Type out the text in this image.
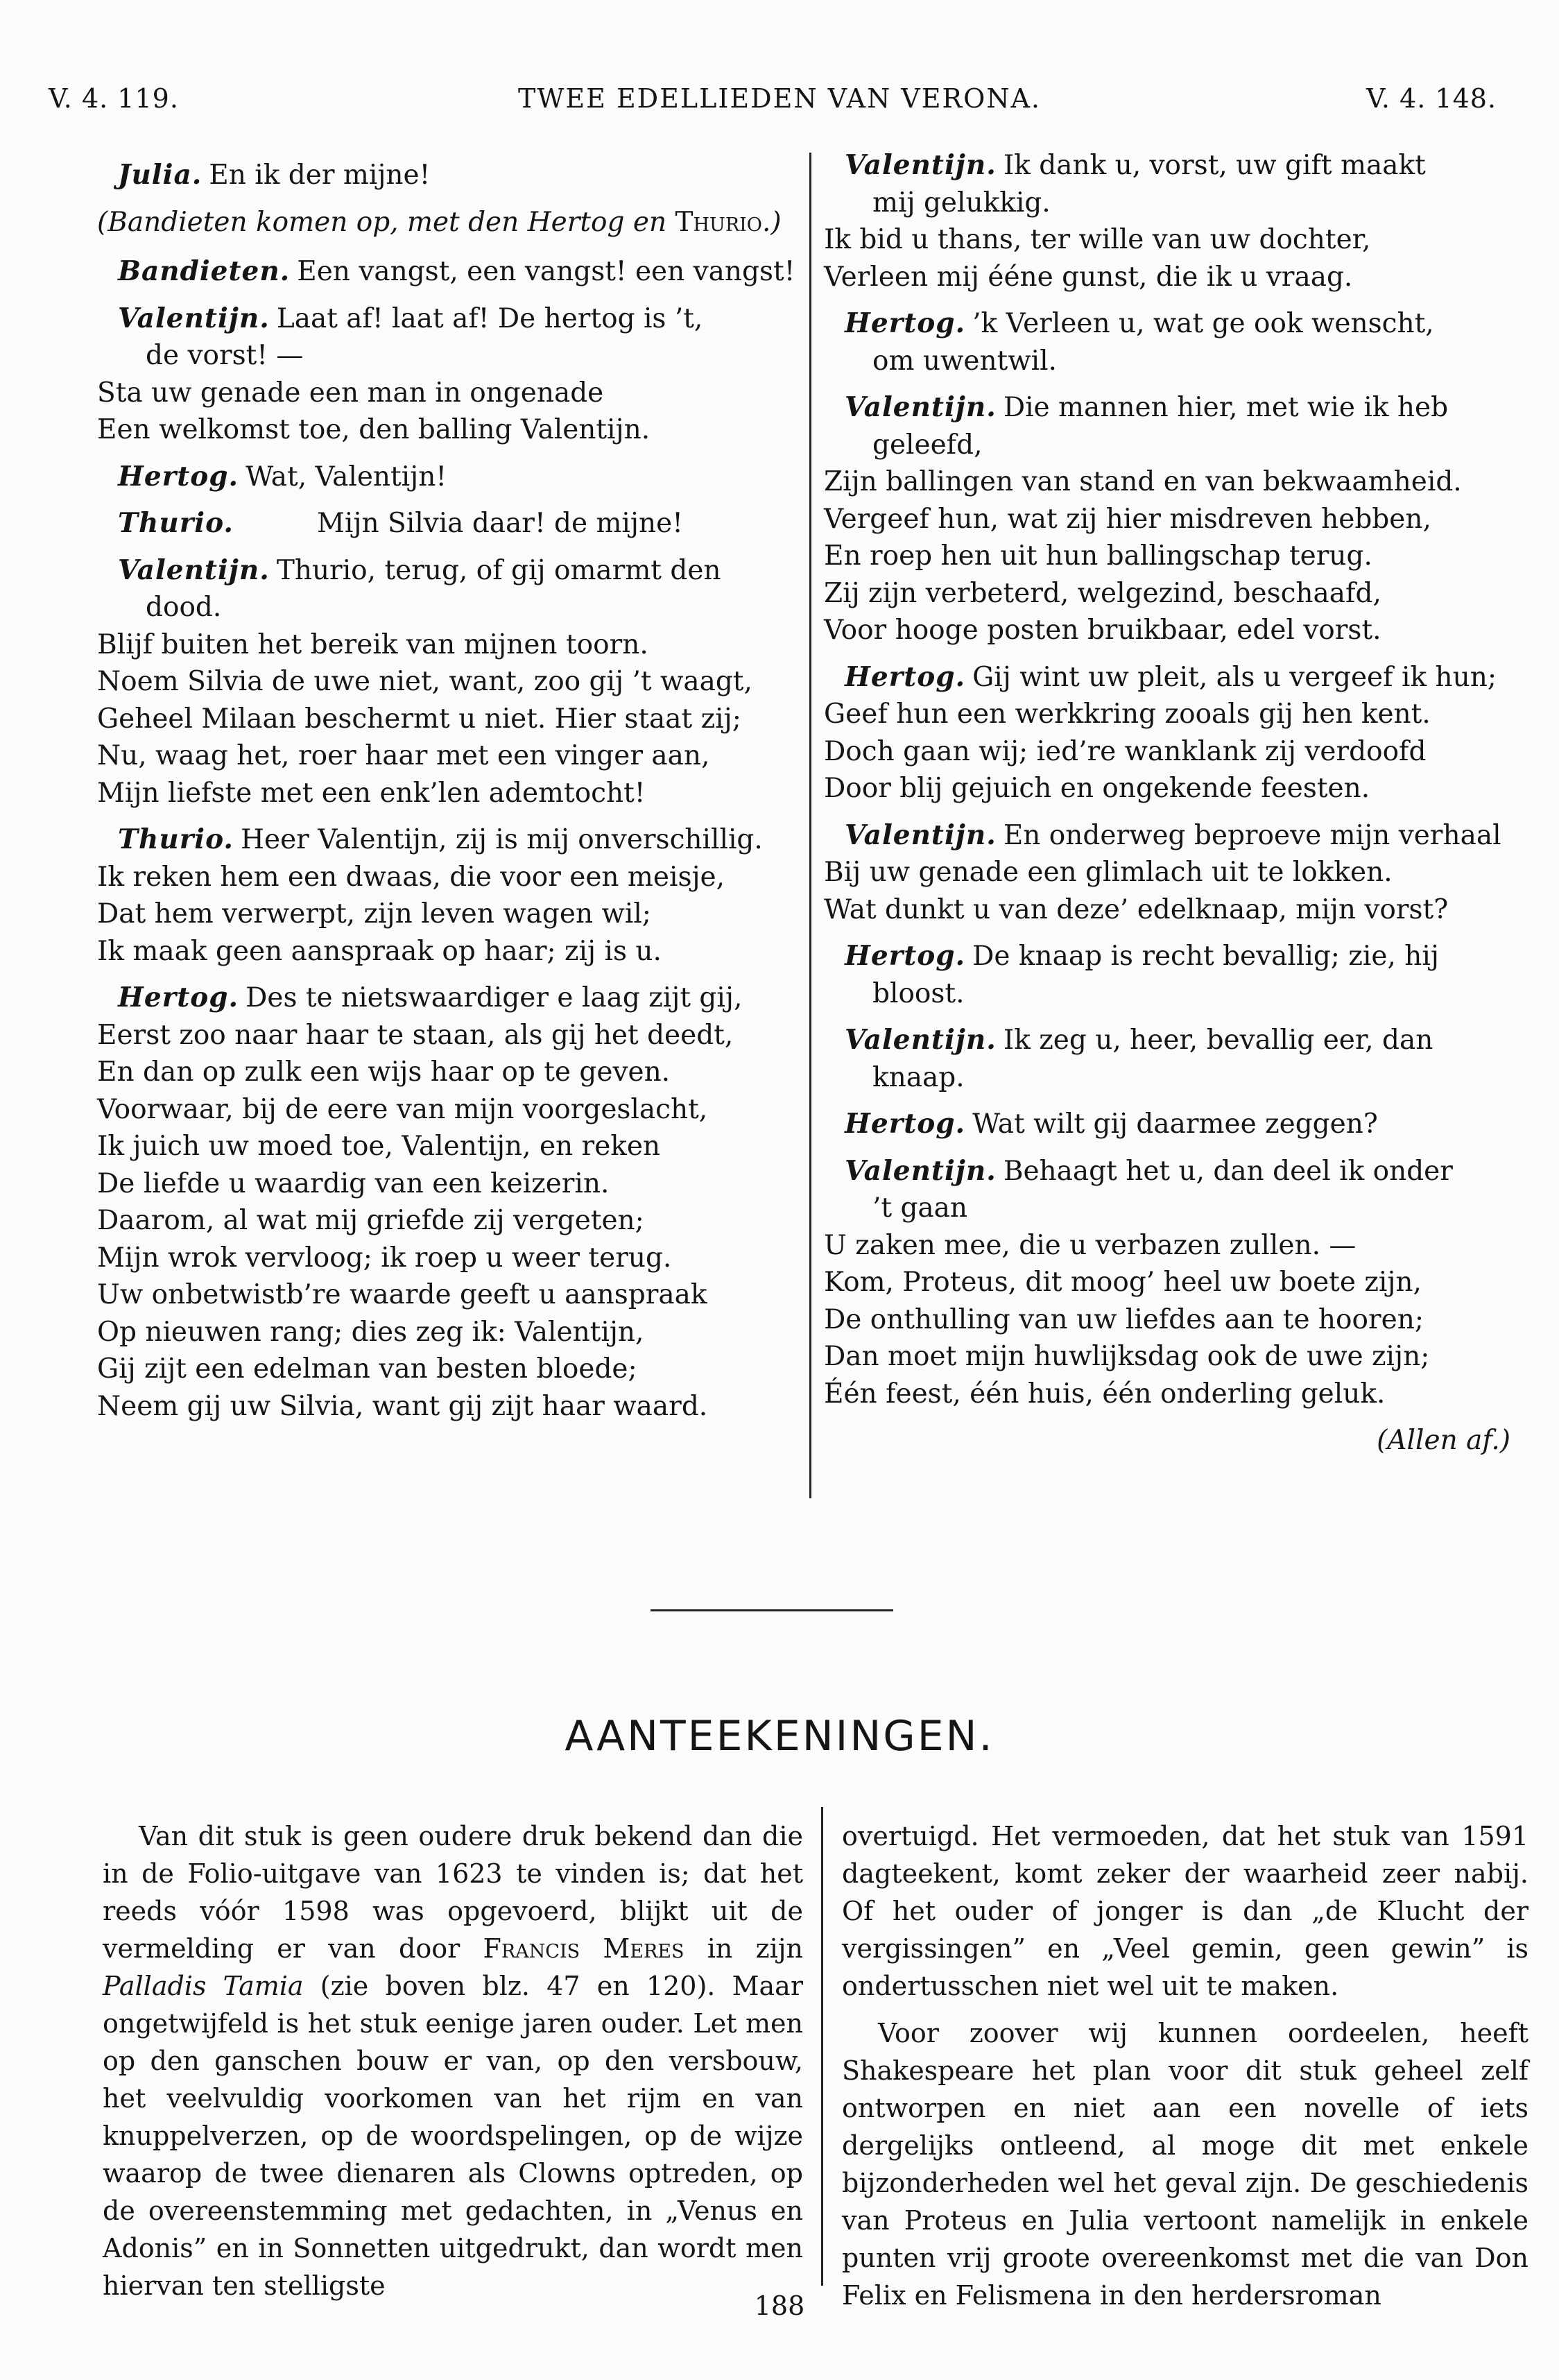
V. 4. 119.	TWEE EDELLIEDEN VAN VERONA.	V. 4. 148.
Julia. En ik der mijne!
(Bandieten komen op, met den Hertog en Thurio.)
Bandieten. Een vangst, een vangst! een vangst!
Valentijn. Laat af! laat af! De hertog is ’t,
de vorst! —
Sta uw genade een man in ongenade
Een welkomst toe, den balling Valentijn.
Hertog. Wat, Valentijn!
Thurio.	Mijn Silvia daar! de mijne!
Valentijn. Thurio, terug, of gij omarmt den
dood.
Blijf buiten het bereik van mijnen toorn.
Noem Silvia de uwe niet, want, zoo gij ’t waagt,
Geheel Milaan beschermt u niet. Hier staat zij;
Nu, waag het, roer haar met een vinger aan,
Mijn liefste met een enk’len ademtocht!
Thurio. Heer Valentijn, zij is mij onverschillig.
Ik reken hem een dwaas, die voor een meisje,
Dat hem verwerpt, zijn leven wagen wil;
Ik maak geen aanspraak op haar; zij is u.
Hertog. Des te nietswaardiger e laag zijt gij,
Eerst zoo naar haar te staan, als gij het deedt,
En dan op zulk een wijs haar op te geven.
Voorwaar, bij de eere van mijn voorgeslacht,
Ik juich uw moed toe, Valentijn, en reken
De liefde u waardig van een keizerin.
Daarom, al wat mij griefde zij vergeten;
Mijn wrok vervloog; ik roep u weer terug.
Uw onbetwistb’re waarde geeft u aanspraak
Op nieuwen rang; dies zeg ik: Valentijn,
Gij zijt een edelman van besten bloede;
Neem gij uw Silvia, want gij zijt haar waard.
Valentijn. Ik dank u, vorst, uw gift maakt
mij gelukkig.
Ik bid u thans, ter wille van uw dochter,
Verleen mij ééne gunst, die ik u vraag.
Hertog. ’k Verleen u, wat ge ook wenscht,
om uwentwil.
Valentijn. Die mannen hier, met wie ik heb
geleefd,
Zijn ballingen van stand en van bekwaamheid.
Vergeef hun, wat zij hier misdreven hebben,
En roep hen uit hun ballingschap terug.
Zij zijn verbeterd, welgezind, beschaafd,
Voor hooge posten bruikbaar, edel vorst.
Hertog. Gij wint uw pleit, als u vergeef ik hun;
Geef hun een werkkring zooals gij hen kent.
Doch gaan wij; ied’re wanklank zij verdoofd
Door blij gejuich en ongekende feesten.
Valentijn. En onderweg beproeve mijn verhaal
Bij uw genade een glimlach uit te lokken.
Wat dunkt u van deze’ edelknaap, mijn vorst?
Hertog. De knaap is recht bevallig; zie, hij
bloost.
Valentijn. Ik zeg u, heer, bevallig eer, dan
knaap.
Hertog. Wat wilt gij daarmee zeggen?
Valentijn. Behaagt het u, dan deel ik onder
’t gaan
U zaken mee, die u verbazen zullen. —
Kom, Proteus, dit moog’ heel uw boete zijn,
De onthulling van uw liefdes aan te hooren;
Dan moet mijn huwlijksdag ook de uwe zijn;
Één feest, één huis, één onderling geluk.
(Allen af.)
AANTEEKENINGEN.

Van dit stuk is geen oudere druk bekend dan die in de Folio-uitgave van 1623 te vinden is; dat het reeds vóór 1598 was opgevoerd, blijkt uit de vermelding er van door Francis Meres in zijn Palladis Tamia (zie boven blz. 47 en 120). Maar ongetwijfeld is het stuk eenige jaren ouder. Let men op den ganschen bouw er van, op den versbouw, het veelvuldig voorkomen van het rijm en van knuppelverzen, op de woordspelingen, op de wijze waarop de twee dienaren als Clowns optreden, op de overeenstemming met gedachten, in „Venus en Adonis” en in Sonnetten uitgedrukt, dan wordt men hiervan ten stelligste

overtuigd. Het vermoeden, dat het stuk van 1591 dagteekent, komt zeker der waarheid zeer nabij. Of het ouder of jonger is dan „de Klucht der vergissingen” en „Veel gemin, geen gewin” is ondertusschen niet wel uit te maken.

Voor zoover wij kunnen oordeelen, heeft Shakespeare het plan voor dit stuk geheel zelf ontworpen en niet aan een novelle of iets dergelijks ontleend, al moge dit met enkele bijzonderheden wel het geval zijn. De geschiedenis van Proteus en Julia vertoont namelijk in enkele punten vrij groote overeenkomst met die van Don Felix en Felismena in den herdersroman

188
